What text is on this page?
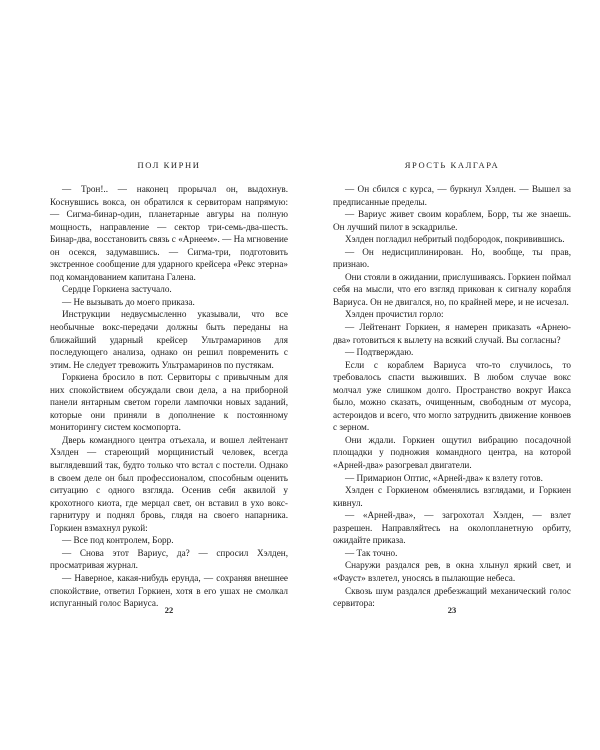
ПОЛ КИРНИ

— Трон!.. — наконец прорычал он, выдохнув. Коснувшись вокса, он обратился к сервиторам напрямую: — Сигма-бинар-один, планетарные авгуры на полную мощность, направление — сектор три-семь-два-шесть. Бинар-два, восстановить связь с «Арнеем». — На мгновение он осекся, задумавшись. — Сигма-три, подготовить экстренное сообщение для ударного крейсера «Рекс этерна» под командованием капитана Галена.

Сердце Горкиена застучало.

— Не вызывать до моего приказа.

Инструкции недвусмысленно указывали, что все необычные вокс-передачи должны быть переданы на ближайший ударный крейсер Ультрамаринов для последующего анализа, однако он решил повременить с этим. Не следует тревожить Ультрамаринов по пустякам.

Горкиена бросило в пот. Сервиторы с привычным для них спокойствием обсуждали свои дела, а на приборной панели янтарным светом горели лампочки новых заданий, которые они приняли в дополнение к постоянному мониторингу систем космопорта.

Дверь командного центра отъехала, и вошел лейтенант Хэлден — стареющий морщинистый человек, всегда выглядевший так, будто только что встал с постели. Однако в своем деле он был профессионалом, способным оценить ситуацию с одного взгляда. Осенив себя аквилой у крохотного киота, где мерцал свет, он вставил в ухо вокс-гарнитуру и поднял бровь, глядя на своего напарника. Горкиен взмахнул рукой:

— Все под контролем, Борр.

— Снова этот Вариус, да? — спросил Хэлден, просматривая журнал.

— Наверное, какая-нибудь ерунда, — сохраняя внешнее спокойствие, ответил Горкиен, хотя в его ушах не смолкал испуганный голос Вариуса.

22
ЯРОСТЬ КАЛГАРА

— Он сбился с курса, — буркнул Хэлден. — Вышел за предписанные пределы.

— Вариус живет своим кораблем, Борр, ты же знаешь. Он лучший пилот в эскадрилье.

Хэлден погладил небритый подбородок, покривившись.

— Он недисциплинирован. Но, вообще, ты прав, признаю.

Они стояли в ожидании, прислушиваясь. Горкиен поймал себя на мысли, что его взгляд прикован к сигналу корабля Вариуса. Он не двигался, но, по крайней мере, и не исчезал.

Хэлден прочистил горло:

— Лейтенант Горкиен, я намерен приказать «Арнею-два» готовиться к вылету на всякий случай. Вы согласны?

— Подтверждаю.

Если с кораблем Вариуса что-то случилось, то требовалось спасти выживших. В любом случае вокс молчал уже слишком долго. Пространство вокруг Иакса было, можно сказать, очищенным, свободным от мусора, астероидов и всего, что могло затруднить движение конвоев с зерном.

Они ждали. Горкиен ощутил вибрацию посадочной площадки у подножия командного центра, на которой «Арней-два» разогревал двигатели.

— Примарион Оптис, «Арней-два» к взлету готов.

Хэлден с Горкиеном обменялись взглядами, и Горкиен кивнул.

— «Арней-два», — загрохотал Хэлден, — взлет разрешен. Направляйтесь на околопланетную орбиту, ожидайте приказа.

— Так точно.

Снаружи раздался рев, в окна хлынул яркий свет, и «Фауст» взлетел, уносясь в пылающие небеса.

Сквозь шум раздался дребезжащий механический голос сервитора:

23
